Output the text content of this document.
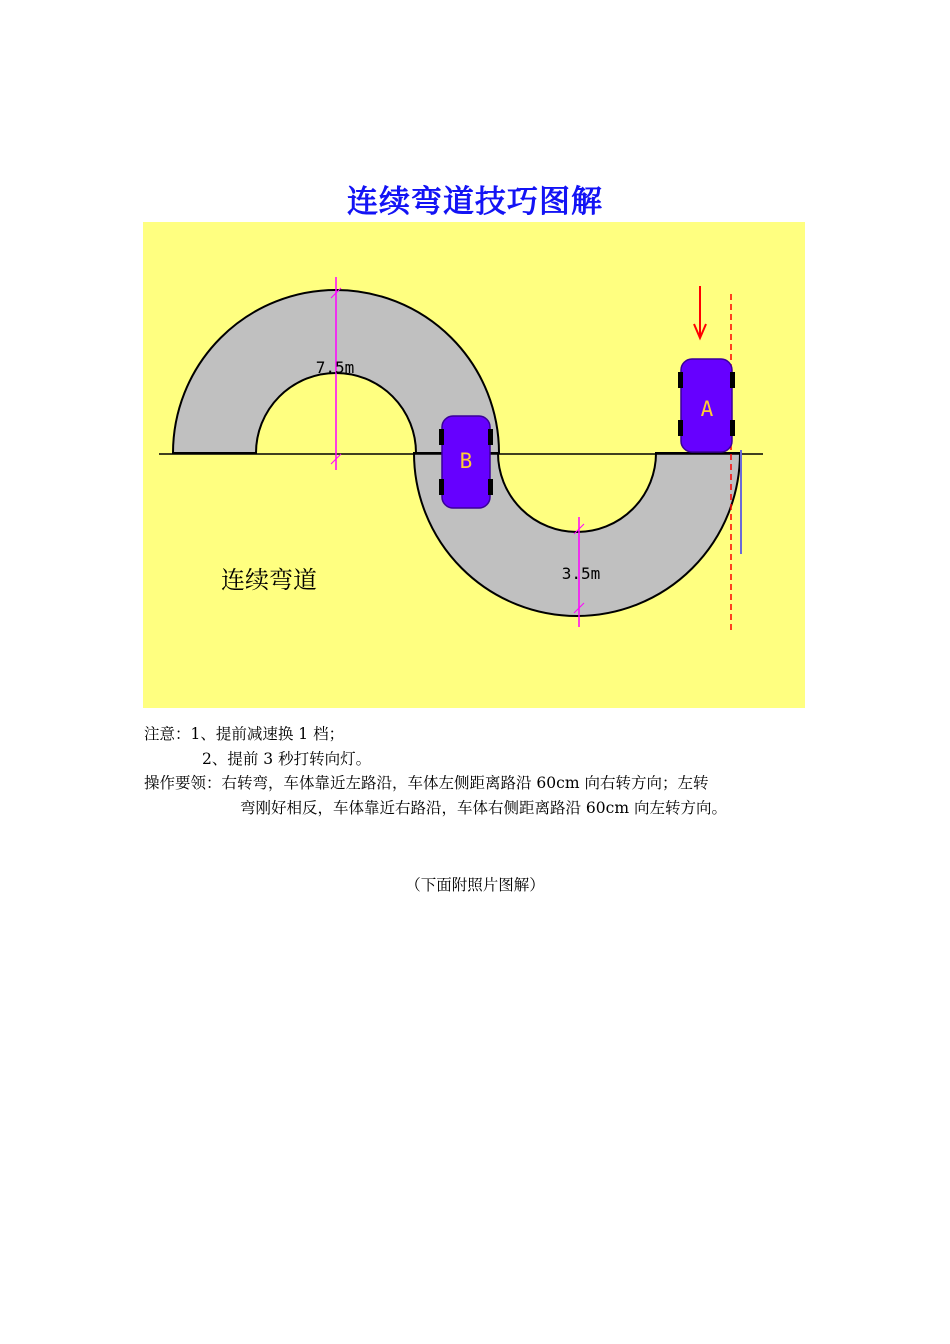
连续弯道技巧图解
7.5m
3.5m
A
B
连续弯道
注意：1、提前减速换 1 档；
2、提前 3 秒打转向灯。
操作要领：右转弯，车体靠近左路沿，车体左侧距离路沿 60cm 向右转方向；左转
弯刚好相反，车体靠近右路沿，车体右侧距离路沿 60cm 向左转方向。
（下面附照片图解）
